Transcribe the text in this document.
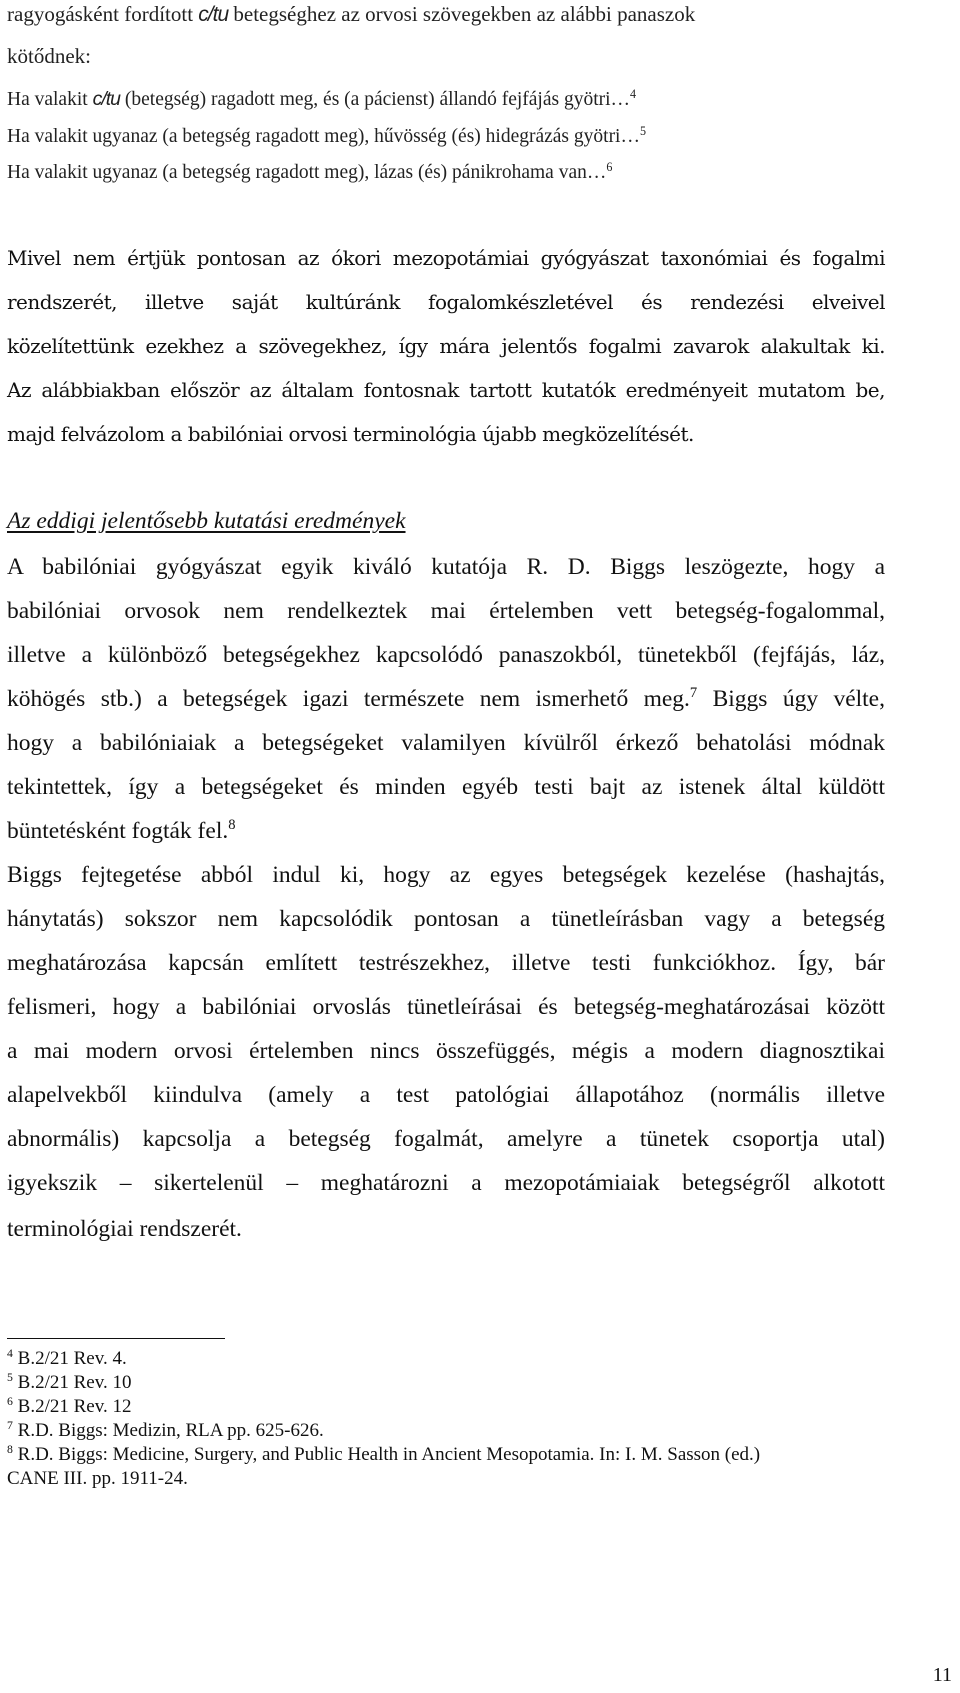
ragyogásként fordított c/tu betegséghez az orvosi szövegekben az alábbi panaszok
kötődnek:
Ha valakit c/tu (betegség) ragadott meg, és (a pácienst) állandó fejfájás gyötri…$^4$
Ha valakit ugyanaz (a betegség ragadott meg), hűvösség (és) hidegrázás gyötri…$^5$
Ha valakit ugyanaz (a betegség ragadott meg), lázas (és) pánikrohama van…$^6$
Mivel nem értjük pontosan az ókori mezopotámiai gyógyászat taxonómiai és fogalmi
rendszerét, illetve saját kultúránk fogalomkészletével és rendezési elveivel
közelítettünk ezekhez a szövegekhez, így mára jelentős fogalmi zavarok alakultak ki.
Az alábbiakban először az általam fontosnak tartott kutatók eredményeit mutatom be,
majd felvázolom a babilóniai orvosi terminológia újabb megközelítését.
Az eddigi jelentősebb kutatási eredmények
A babilóniai gyógyászat egyik kiváló kutatója R. D. Biggs leszögezte, hogy a
babilóniai orvosok nem rendelkeztek mai értelemben vett betegség-fogalommal,
illetve a különböző betegségekhez kapcsolódó panaszokból, tünetekből (fejfájás, láz,
köhögés stb.) a betegségek igazi természete nem ismerhető meg.$^7$ Biggs úgy vélte,
hogy a babilóniaiak a betegségeket valamilyen kívülről érkező behatolási módnak
tekintettek, így a betegségeket és minden egyéb testi bajt az istenek által küldött
büntetésként fogták fel.$^8$
Biggs fejtegetése abból indul ki, hogy az egyes betegségek kezelése (hashajtás,
hánytatás) sokszor nem kapcsolódik pontosan a tünetleírásban vagy a betegség
meghatározása kapcsán említett testrészekhez, illetve testi funkciókhoz. Így, bár
felismeri, hogy a babilóniai orvoslás tünetleírásai és betegség-meghatározásai között
a mai modern orvosi értelemben nincs összefüggés, mégis a modern diagnosztikai
alapelvekből kiindulva (amely a test patológiai állapotához (normális illetve
abnormális) kapcsolja a betegség fogalmát, amelyre a tünetek csoportja utal)
igyekszik – sikertelenül – meghatározni a mezopotámiaiak betegségről alkotott
terminológiai rendszerét.
$^4$ B.2/21 Rev. 4.
$^5$ B.2/21 Rev. 10
$^6$ B.2/21 Rev. 12
$^7$ R.D. Biggs: Medizin, RLA pp. 625-626.
$^8$ R.D. Biggs: Medicine, Surgery, and Public Health in Ancient Mesopotamia. In: I. M. Sasson (ed.)
CANE III. pp. 1911-24.
11
